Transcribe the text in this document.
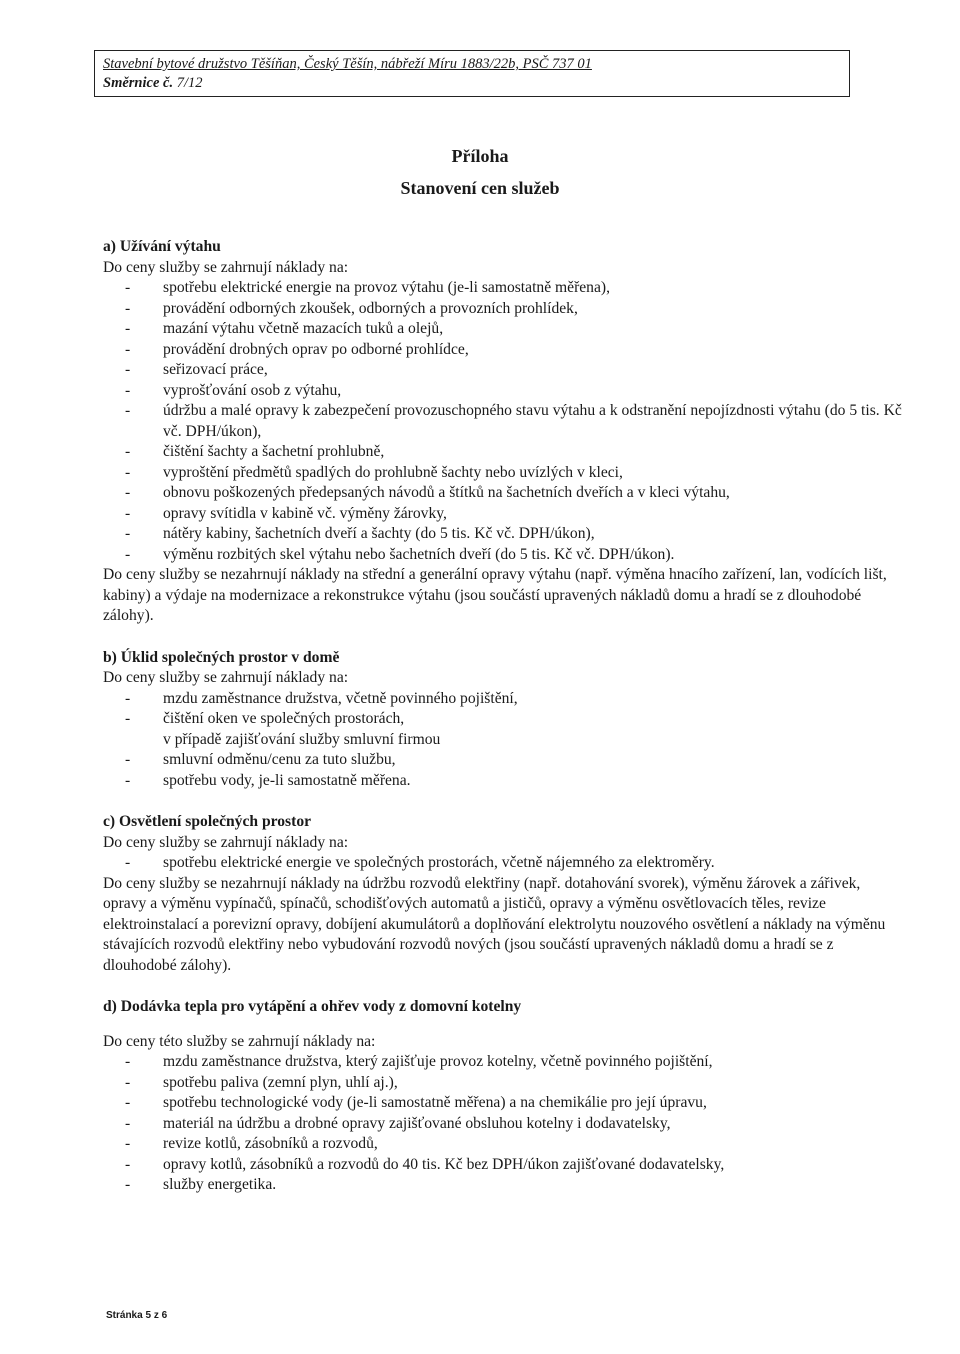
Stavební bytové družstvo Těšíňan, Český Těšín, nábřeží Míru 1883/22b, PSČ 737 01
Směrnice č. 7/12
Příloha
Stanovení cen služeb

a) Užívání výtahu

Do ceny služby se zahrnují náklady na:

- spotřebu elektrické energie na provoz výtahu (je-li samostatně měřena),
- provádění odborných zkoušek, odborných a provozních prohlídek,
- mazání výtahu včetně mazacích tuků a olejů,
- provádění drobných oprav po odborné prohlídce,
- seřizovací práce,
- vyprošťování osob z výtahu,
- údržbu a malé opravy k zabezpečení provozuschopného stavu výtahu a k odstranění nepojízdnosti výtahu (do 5 tis. Kč vč. DPH/úkon),
- čištění šachty a šachetní prohlubně,
- vyproštění předmětů spadlých do prohlubně šachty nebo uvízlých v kleci,
- obnovu poškozených předepsaných návodů a štítků na šachetních dveřích a v kleci výtahu,
- opravy svítidla v kabině vč. výměny žárovky,
- nátěry kabiny, šachetních dveří a šachty (do 5 tis. Kč vč. DPH/úkon),
- výměnu rozbitých skel výtahu nebo šachetních dveří (do 5 tis. Kč vč. DPH/úkon).

Do ceny služby se nezahrnují náklady na střední a generální opravy výtahu (např. výměna hnacího zařízení, lan, vodících lišt, kabiny) a výdaje na modernizace a rekonstrukce výtahu (jsou součástí upravených nákladů domu a hradí se z dlouhodobé zálohy).

b) Úklid společných prostor v domě

Do ceny služby se zahrnují náklady na:

- mzdu zaměstnance družstva, včetně povinného pojištění,
- čištění oken ve společných prostorách,

v případě zajišťování služby smluvní firmou

- smluvní odměnu/cenu za tuto službu,
- spotřebu vody, je-li samostatně měřena.

c) Osvětlení společných prostor

Do ceny služby se zahrnují náklady na:

- spotřebu elektrické energie ve společných prostorách, včetně nájemného za elektroměry.

Do ceny služby se nezahrnují náklady na údržbu rozvodů elektřiny (např. dotahování svorek), výměnu žárovek a zářivek, opravy a výměnu vypínačů, spínačů, schodišťových automatů a jističů, opravy a výměnu osvětlovacích těles, revize elektroinstalací a porevizní opravy, dobíjení akumulátorů a doplňování elektrolytu nouzového osvětlení a náklady na výměnu stávajících rozvodů elektřiny nebo vybudování rozvodů nových (jsou součástí upravených nákladů domu a hradí se z dlouhodobé zálohy).

d) Dodávka tepla pro vytápění a ohřev vody z domovní kotelny

Do ceny této služby se zahrnují náklady na:

- mzdu zaměstnance družstva, který zajišťuje provoz kotelny, včetně povinného pojištění,
- spotřebu paliva (zemní plyn, uhlí aj.),
- spotřebu technologické vody (je-li samostatně měřena) a na chemikálie pro její úpravu,
- materiál na údržbu a drobné opravy zajišťované obsluhou kotelny i dodavatelsky,
- revize kotlů, zásobníků a rozvodů,
- opravy kotlů, zásobníků a rozvodů do 40 tis. Kč bez DPH/úkon zajišťované dodavatelsky,
- služby energetika.
Stránka 5 z 6
